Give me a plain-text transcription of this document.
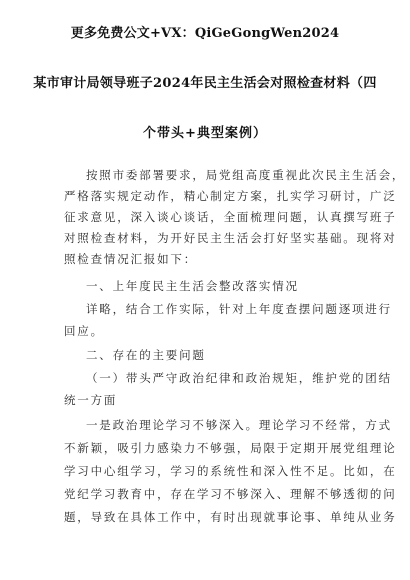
更多免费公文+VX：QiGeGongWen2024
某市审计局领导班子2024年民主生活会对照检查材料（四
个带头+典型案例）
按照市委部署要求，局党组高度重视此次民主生活会，
严格落实规定动作，精心制定方案，扎实学习研讨，广泛
征求意见，深入谈心谈话，全面梳理问题，认真撰写班子
对照检查材料，为开好民主生活会打好坚实基础。现将对
照检查情况汇报如下：
一、上年度民主生活会整改落实情况
详略，结合工作实际，针对上年度查摆问题逐项进行
回应。
二、存在的主要问题
（一）带头严守政治纪律和政治规矩，维护党的团结
统一方面
一是政治理论学习不够深入。理论学习不经常，方式
不新颖，吸引力感染力不够强，局限于定期开展党组理论
学习中心组学习，学习的系统性和深入性不足。比如，在
党纪学习教育中，存在学习不够深入、理解不够透彻的问
题，导致在具体工作中，有时出现就事论事、单纯从业务
